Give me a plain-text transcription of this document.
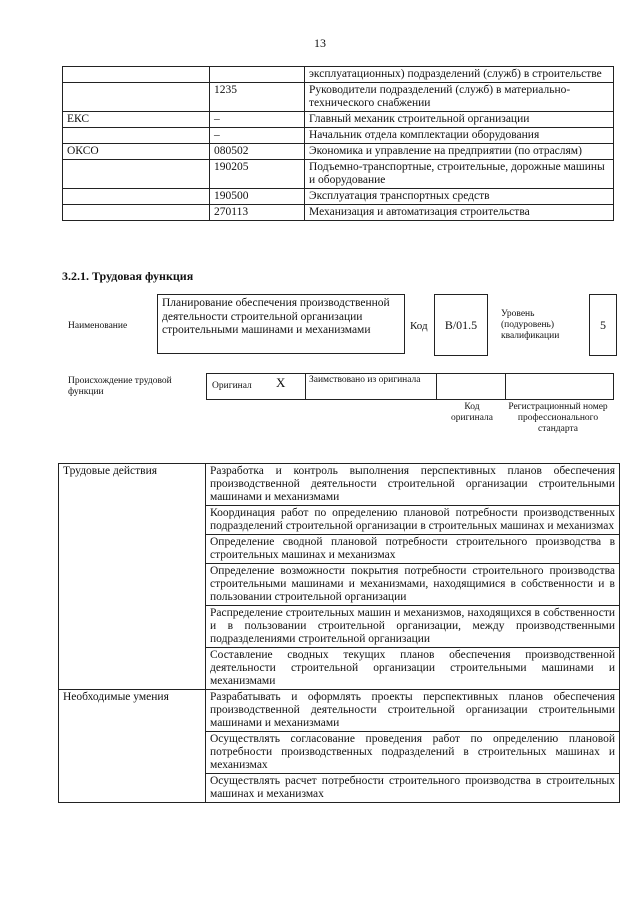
13
		эксплуатационных) подразделений (служб) в строительстве
	1235	Руководители подразделений (служб) в материально-технического снабжении
ЕКС	–	Главный механик строительной организации
	–	Начальник отдела комплектации оборудования
ОКСО	080502	Экономика и управление на предприятии (по отраслям)
	190205	Подъемно-транспортные, строительные, дорожные машины и оборудование
	190500	Эксплуатация транспортных средств
	270113	Механизация и автоматизация строительства
3.2.1. Трудовая функция
Наименование
Планирование обеспечения производственной деятельности строительной организации строительными машинами и механизмами	Код	В/01.5
Уровень (подуровень) квалификации
5
Происхождение трудовой функции
Оригинал X	Заимствовано из оригинала
Код оригинала
Регистрационный номер профессионального стандарта
Трудовые действия	Разработка и контроль выполнения перспективных планов обеспечения производственной деятельности строительной организации строительными машинами и механизмами
	Координация работ по определению плановой потребности производственных подразделений строительной организации в строительных машинах и механизмах
	Определение сводной плановой потребности строительного производства в строительных машинах и механизмах
	Определение возможности покрытия потребности строительного производства строительными машинами и механизмами, находящимися в собственности и в пользовании строительной организации
	Распределение строительных машин и механизмов, находящихся в собственности и в пользовании строительной организации, между производственными подразделениями строительной организации
	Составление сводных текущих планов обеспечения производственной деятельности строительной организации строительными машинами и механизмами
Необходимые умения	Разрабатывать и оформлять проекты перспективных планов обеспечения производственной деятельности строительной организации строительными машинами и механизмами
	Осуществлять согласование проведения работ по определению плановой потребности производственных подразделений в строительных машинах и механизмах
	Осуществлять расчет потребности строительного производства в строительных машинах и механизмах
